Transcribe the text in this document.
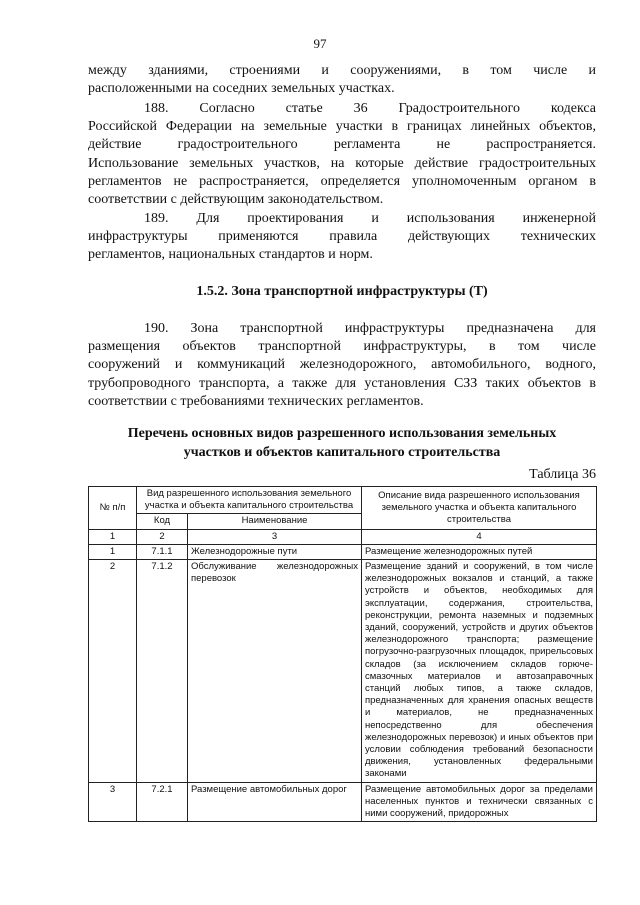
97

между зданиями, строениями и сооружениями, в том числе и

расположенными на соседних земельных участках.

188. Согласно статье 36 Градостроительного кодекса

Российской Федерации на земельные участки в границах линейных объектов,

действие градостроительного регламента не распространяется.

Использование земельных участков, на которые действие градостроительных

регламентов не распространяется, определяется уполномоченным органом в

соответствии с действующим законодательством.

189. Для проектирования и использования инженерной

инфраструктуры применяются правила действующих технических

регламентов, национальных стандартов и норм.

1.5.2. Зона транспортной инфраструктуры (Т)

190. Зона транспортной инфраструктуры предназначена для

размещения объектов транспортной инфраструктуры, в том числе

сооружений и коммуникаций железнодорожного, автомобильного, водного,

трубопроводного транспорта, а также для установления СЗЗ таких объектов в

соответствии с требованиями технических регламентов.

Перечень основных видов разрешенного использования земельных
участков и объектов капитального строительства
Таблица 36
№ п/п	Вид разрешенного использования земельного участка и объекта капитального строительства		Описание вида разрешенного использования земельного участка и объекта капитального строительства
	Код	Наименование	
1	2	3	4
1	7.1.1	Железнодорожные пути	Размещение железнодорожных путей
2	7.1.2	Обслуживание железнодорожных перевозок	Размещение зданий и сооружений, в том числе железнодорожных вокзалов и станций, а также устройств и объектов, необходимых для эксплуатации, содержания, строительства, реконструкции, ремонта наземных и подземных зданий, сооружений, устройств и других объектов железнодорожного транспорта; размещение погрузочно-разгрузочных площадок, прирельсовых складов (за исключением складов горюче-смазочных материалов и автозаправочных станций любых типов, а также складов, предназначенных для хранения опасных веществ и материалов, не предназначенных непосредственно для обеспечения железнодорожных перевозок) и иных объектов при условии соблюдения требований безопасности движения, установленных федеральными законами
3	7.2.1	Размещение автомобильных дорог	Размещение автомобильных дорог за пределами населенных пунктов и технически связанных с ними сооружений, придорожных
